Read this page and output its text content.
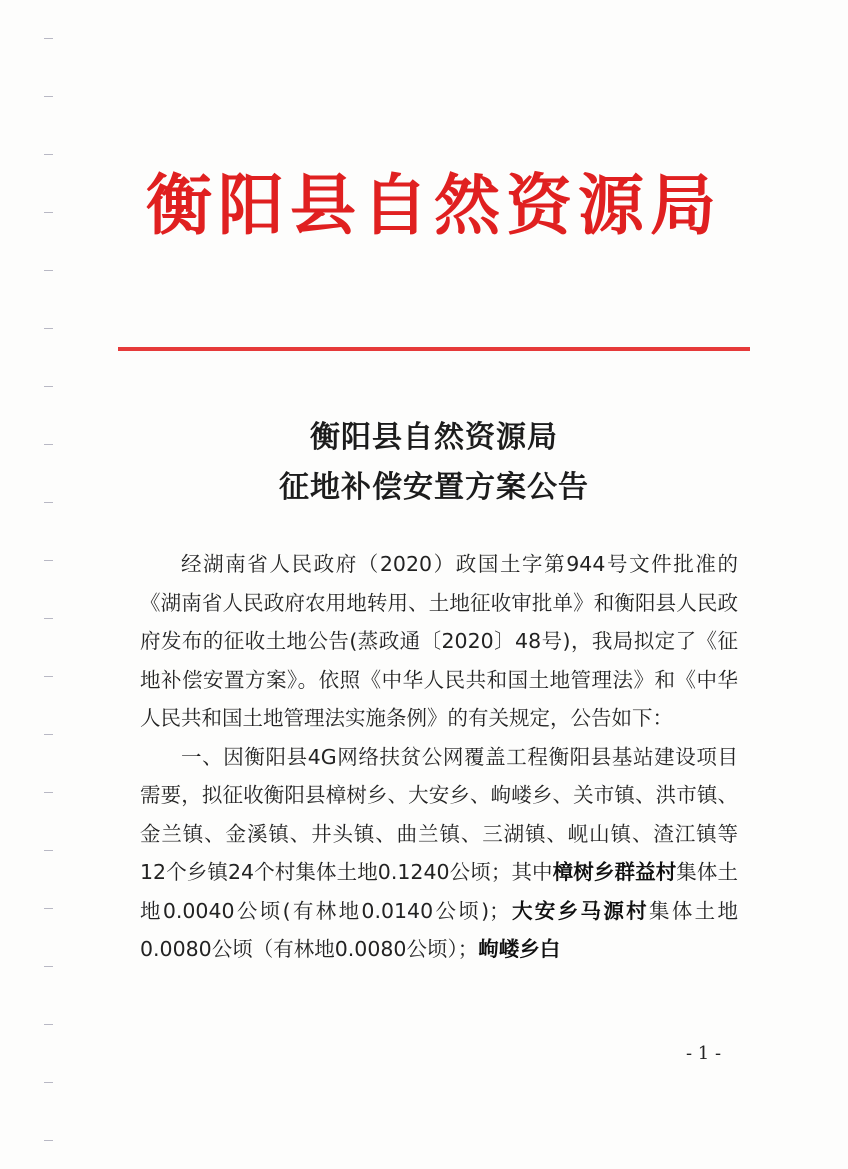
衡阳县自然资源局
衡阳县自然资源局
征地补偿安置方案公告

经湖南省人民政府（2020）政国土字第944号文件批准的《湖南省人民政府农用地转用、土地征收审批单》和衡阳县人民政府发布的征收土地公告(蒸政通〔2020〕48号)，我局拟定了《征地补偿安置方案》。依照《中华人民共和国土地管理法》和《中华人民共和国土地管理法实施条例》的有关规定，公告如下：

一、因衡阳县4G网络扶贫公网覆盖工程衡阳县基站建设项目需要，拟征收衡阳县樟树乡、大安乡、岣嵝乡、关市镇、洪市镇、金兰镇、金溪镇、井头镇、曲兰镇、三湖镇、岘山镇、渣江镇等12个乡镇24个村集体土地0.1240公顷；其中樟树乡群益村集体土地0.0040公顷(有林地0.0140公顷)；大安乡马源村集体土地0.0080公顷（有林地0.0080公顷）；岣嵝乡白

- 1 -
